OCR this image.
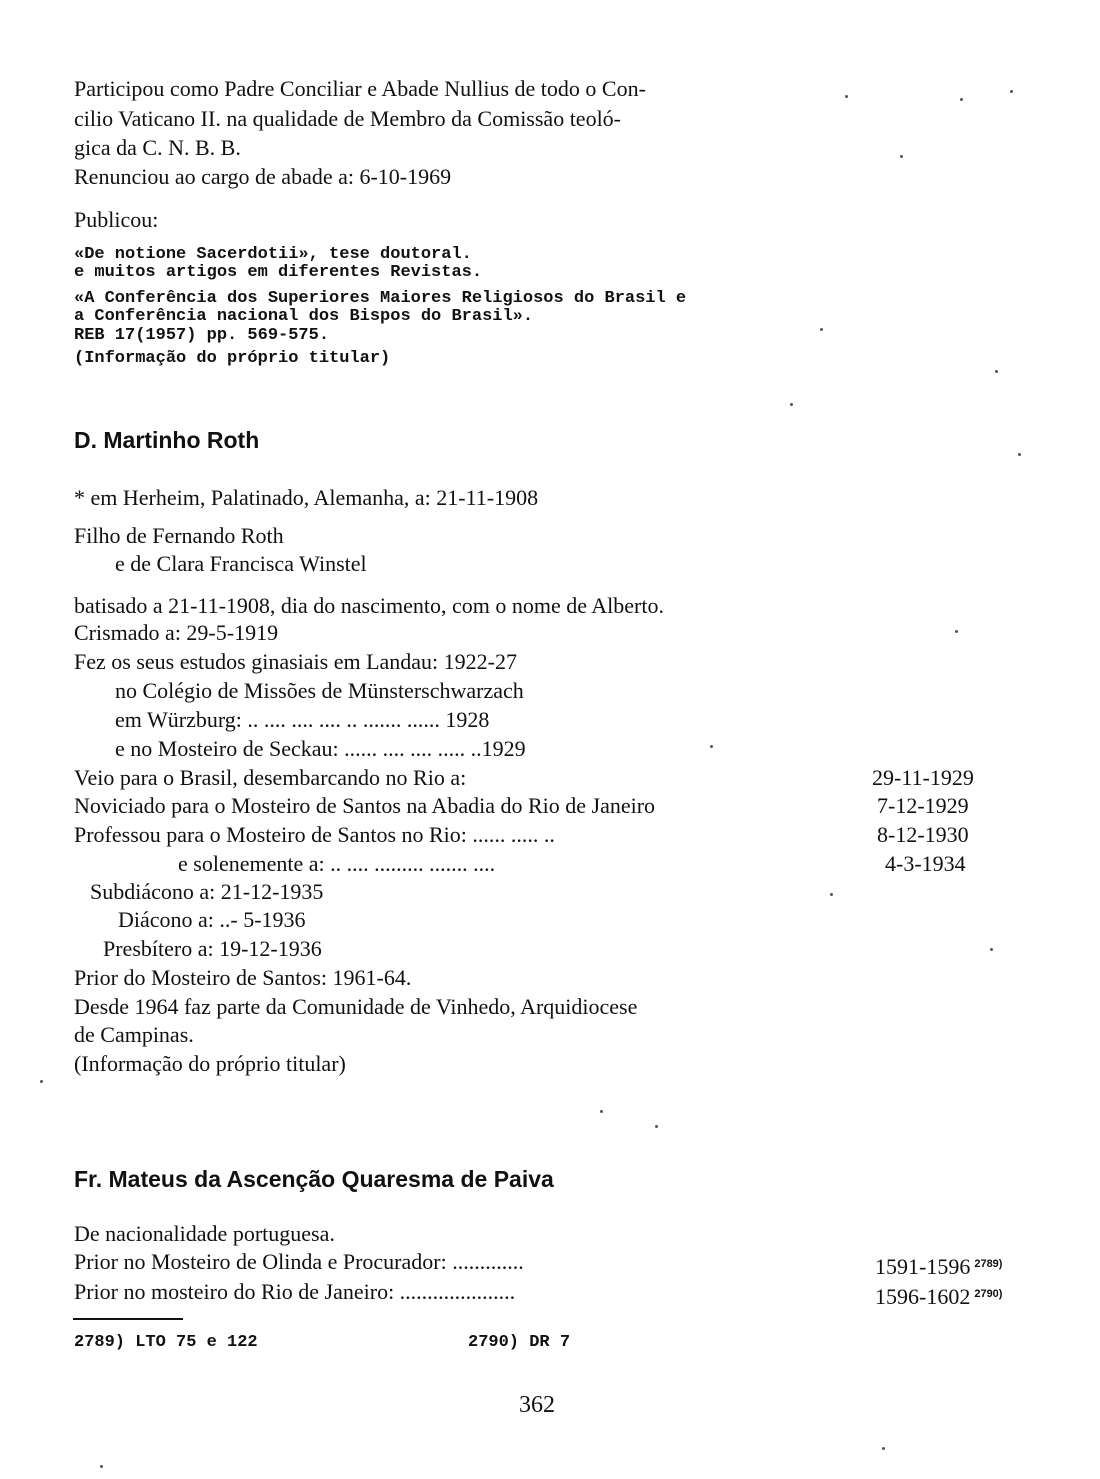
Participou como Padre Conciliar e Abade Nullius de todo o Con-
cilio Vaticano II. na qualidade de Membro da Comissão teoló-
gica da C. N. B. B.
Renunciou ao cargo de abade a: 6-10-1969
Publicou:
«De notione Sacerdotii», tese doutoral.
e muitos artigos em diferentes Revistas.
«A Conferência dos Superiores Maiores Religiosos do Brasil e
a Conferência nacional dos Bispos do Brasil».
REB 17(1957) pp. 569-575.
(Informação do próprio titular)
D. Martinho Roth
* em Herheim, Palatinado, Alemanha, a: 21-11-1908
Filho de Fernando Roth
e de Clara Francisca Winstel
batisado a 21-11-1908, dia do nascimento, com o nome de Alberto.
Crismado a: 29-5-1919
Fez os seus estudos ginasiais em Landau: 1922-27
no Colégio de Missões de Münsterschwarzach
em Würzburg: .. .... .... .... .. ....... ...... 1928
e no Mosteiro de Seckau: ...... .... .... ..... ..1929
Veio para o Brasil, desembarcando no Rio a:
Noviciado para o Mosteiro de Santos na Abadia do Rio de Janeiro
Professou para o Mosteiro de Santos no Rio: ...... ..... ..
e solenemente a: .. .... ......... ....... ....
Subdiácono a: 21-12-1935
Diácono a: ..- 5-1936
Presbítero a: 19-12-1936
Prior do Mosteiro de Santos: 1961-64.
Desde 1964 faz parte da Comunidade de Vinhedo, Arquidiocese
de Campinas.
(Informação do próprio titular)
29-11-1929
7-12-1929
8-12-1930
4-3-1934
Fr. Mateus da Ascenção Quaresma de Paiva
De nacionalidade portuguesa.
Prior no Mosteiro de Olinda e Procurador: .............
Prior no mosteiro do Rio de Janeiro: .....................
1591-1596 $^{2789)}$
1596-1602 $^{2790)}$
2789) LTO 75 e 122	2790) DR 7
362
